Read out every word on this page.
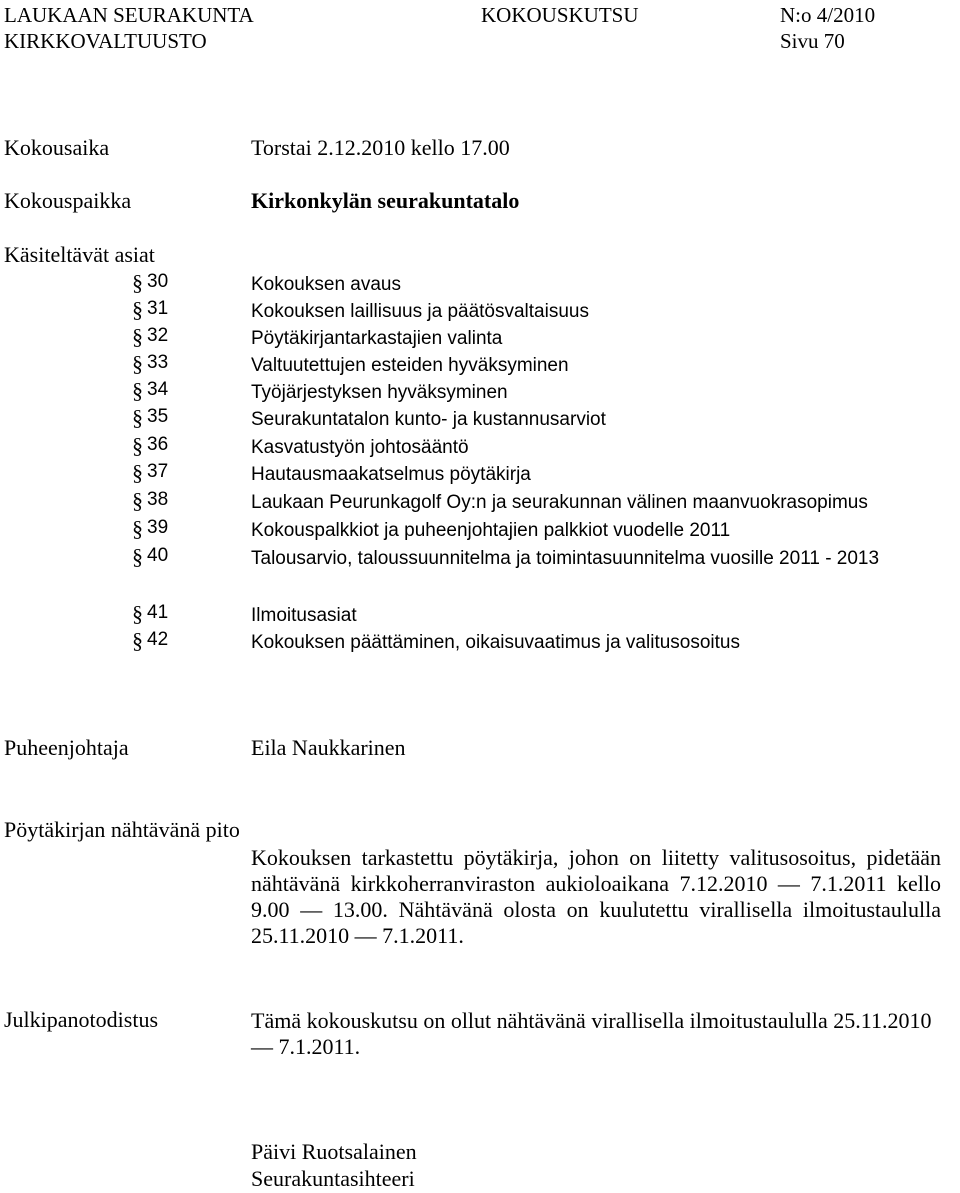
LAUKAAN SEURAKUNTA	KOKOUSKUTSU	N:o 4/2010
KIRKKOVALTUUSTO	Sivu 70
Kokousaika	Torstai 2.12.2010 kello 17.00
Kokouspaikka	Kirkonkylän seurakuntatalo
Käsiteltävät asiat
§ 30	Kokouksen avaus
§ 31	Kokouksen laillisuus ja päätösvaltaisuus
§ 32	Pöytäkirjantarkastajien valinta
§ 33	Valtuutettujen esteiden hyväksyminen
§ 34	Työjärjestyksen hyväksyminen
§ 35	Seurakuntatalon kunto- ja kustannusarviot
§ 36	Kasvatustyön johtosääntö
§ 37	Hautausmaakatselmus pöytäkirja
§ 38	Laukaan Peurunkagolf Oy:n ja seurakunnan välinen maanvuokrasopimus
§ 39	Kokouspalkkiot ja puheenjohtajien palkkiot vuodelle 2011
§ 40	Talousarvio, taloussuunnitelma ja toimintasuunnitelma vuosille 2011 - 2013
§ 41	Ilmoitusasiat
§ 42	Kokouksen päättäminen, oikaisuvaatimus ja valitusosoitus
Puheenjohtaja	Eila Naukkarinen
Pöytäkirjan nähtävänä pito
Kokouksen tarkastettu pöytäkirja, johon on liitetty valitusosoitus, pidetään nähtävänä kirkkoherranviraston aukioloaikana 7.12.2010 — 7.1.2011 kello 9.00 — 13.00. Nähtävänä olosta on kuulutettu virallisella ilmoitustaululla 25.11.2010 — 7.1.2011.
Julkipanotodistus	Tämä kokouskutsu on ollut nähtävänä virallisella ilmoitustaululla 25.11.2010 — 7.1.2011.
Päivi Ruotsalainen
Seurakuntasihteeri
